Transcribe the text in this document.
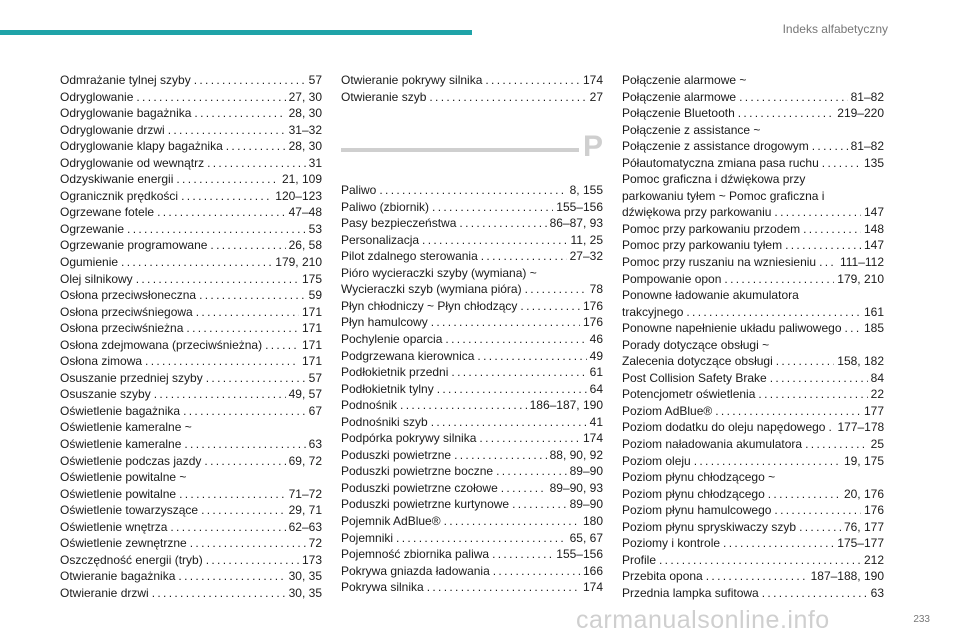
Indeks alfabetyczny
Odmrażanie tylnej szyby . . .	57
Odryglowanie . . .	27, 30
Odryglowanie bagażnika . . .	28, 30
Odryglowanie drzwi . . .	31–32
Odryglowanie klapy bagażnika . . .	28, 30
Odryglowanie od wewnątrz . . .	31
Odzyskiwanie energii . . .	21, 109
Ogranicznik prędkości . . .	120–123
Ogrzewane fotele . . .	47–48
Ogrzewanie . . .	53
Ogrzewanie programowane . . .	26, 58
Ogumienie . . .	179, 210
Olej silnikowy . . .	175
Osłona przeciwsłoneczna . . .	59
Osłona przeciwśniegowa . . .	171
Osłona przeciwśnieżna . . .	171
Osłona zdejmowana (przeciwśnieżna) . . .	171
Osłona zimowa . . .	171
Osuszanie przedniej szyby . . .	57
Osuszanie szyby . . .	49, 57
Oświetlenie bagażnika . . .	67
Oświetlenie kameralne ~
Oświetlenie kameralne . . .	63
Oświetlenie podczas jazdy . . .	69, 72
Oświetlenie powitalne ~
Oświetlenie powitalne . . .	71–72
Oświetlenie towarzyszące . . .	29, 71
Oświetlenie wnętrza . . .	62–63
Oświetlenie zewnętrzne . . .	72
Oszczędność energii (tryb) . . .	173
Otwieranie bagażnika . . .	30, 35
Otwieranie drzwi . . .	30, 35
Otwieranie pokrywy silnika . . .	174
Otwieranie szyb . . .	27
P
Paliwo . . .	8, 155
Paliwo (zbiornik) . . .	155–156
Pasy bezpieczeństwa . . .	86–87, 93
Personalizacja . . .	11, 25
Pilot zdalnego sterowania . . .	27–32
Pióro wycieraczki szyby (wymiana) ~
Wycieraczki szyb (wymiana pióra) . . .	78
Płyn chłodniczy ~ Płyn chłodzący . . .	176
Płyn hamulcowy . . .	176
Pochylenie oparcia . . .	46
Podgrzewana kierownica . . .	49
Podłokietnik przedni . . .	61
Podłokietnik tylny . . .	64
Podnośnik . . .	186–187, 190
Podnośniki szyb . . .	41
Podpórka pokrywy silnika . . .	174
Poduszki powietrzne . . .	88, 90, 92
Poduszki powietrzne boczne . . .	89–90
Poduszki powietrzne czołowe . . .	89–90, 93
Poduszki powietrzne kurtynowe . . .	89–90
Pojemnik AdBlue® . . .	180
Pojemniki . . .	65, 67
Pojemność zbiornika paliwa . . .	155–156
Pokrywa gniazda ładowania . . .	166
Pokrywa silnika . . .	174
Połączenie alarmowe ~
Połączenie alarmowe . . .	81–82
Połączenie Bluetooth . . .	219–220
Połączenie z assistance ~
Połączenie z assistance drogowym . . .	81–82
Półautomatyczna zmiana pasa ruchu . . .	135
Pomoc graficzna i dźwiękowa przy
parkowaniu tyłem ~ Pomoc graficzna i
dźwiękowa przy parkowaniu . . .	147
Pomoc przy parkowaniu przodem . . .	148
Pomoc przy parkowaniu tyłem . . .	147
Pomoc przy ruszaniu na wzniesieniu . . . 111–112
Pompowanie opon . . .	179, 210
Ponowne ładowanie akumulatora
trakcyjnego . . .	161
Ponowne napełnienie układu paliwowego . . . 185
Porady dotyczące obsługi ~
Zalecenia dotyczące obsługi . . .	158, 182
Post Collision Safety Brake . . .	84
Potencjometr oświetlenia . . .	22
Poziom AdBlue® . . .	177
Poziom dodatku do oleju napędowego . . . 177–178
Poziom naładowania akumulatora . . .	25
Poziom oleju . . .	19, 175
Poziom płynu chłodzącego ~
Poziom płynu chłodzącego . . .	20, 176
Poziom płynu hamulcowego . . .	176
Poziom płynu spryskiwaczy szyb . . .	76, 177
Poziomy i kontrole . . .	175–177
Profile . . .	212
Przebita opona . . .	187–188, 190
Przednia lampka sufitowa . . .	63
carmanualsonline.info	233
